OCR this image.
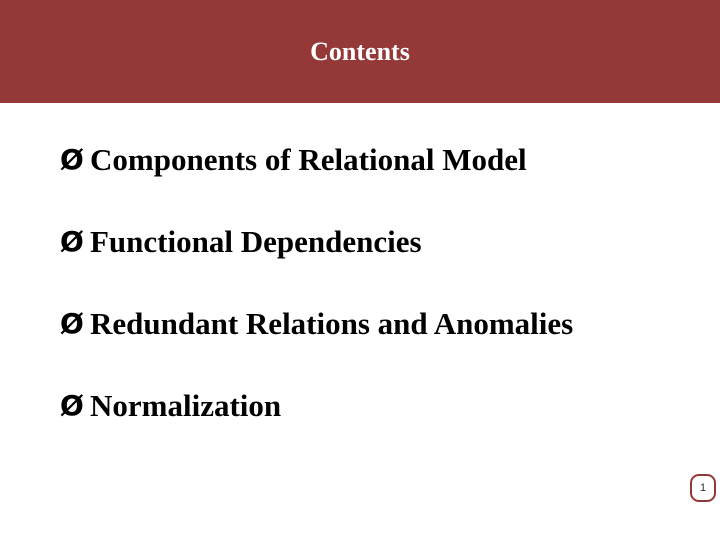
Contents
Ø Components of Relational Model
Ø Functional Dependencies
Ø Redundant Relations and Anomalies
Ø Normalization
1
